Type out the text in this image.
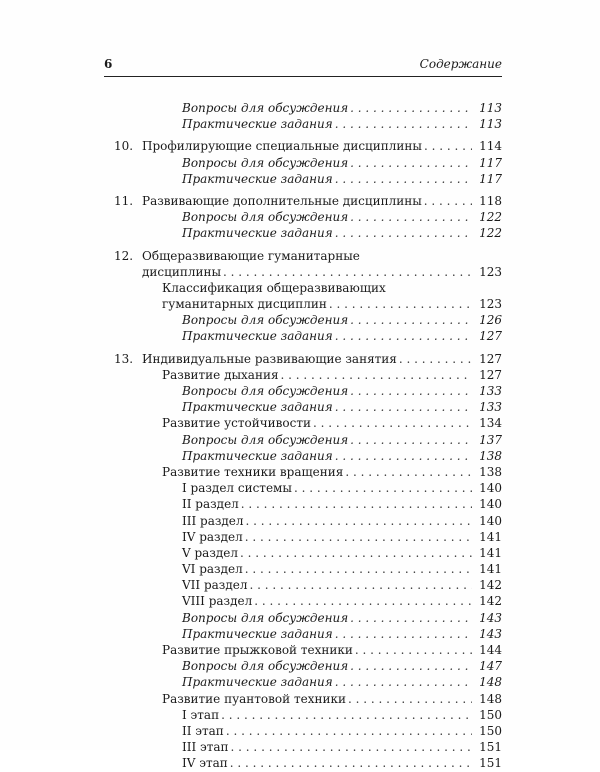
6	Содержание
Вопросы для обсуждения . . .	113
Практические задания . . .	113
10. Профилирующие специальные дисциплины . . .	114
Вопросы для обсуждения . . .	117
Практические задания . . .	117
11. Развивающие дополнительные дисциплины . . .	118
Вопросы для обсуждения . . .	122
Практические задания . . .	122
12. Общеразвивающие гуманитарные
дисциплины . . .	123
Классификация общеразвивающих
гуманитарных дисциплин . . .	123
Вопросы для обсуждения . . .	126
Практические задания . . .	127
13. Индивидуальные развивающие занятия . . .	127
Развитие дыхания . . .	127
Вопросы для обсуждения . . .	133
Практические задания . . .	133
Развитие устойчивости . . .	134
Вопросы для обсуждения . . .	137
Практические задания . . .	138
Развитие техники вращения . . .	138
I раздел системы . . .	140
II раздел . . .	140
III раздел . . .	140
IV раздел . . .	141
V раздел . . .	141
VI раздел . . .	141
VII раздел . . .	142
VIII раздел . . .	142
Вопросы для обсуждения . . .	143
Практические задания . . .	143
Развитие прыжковой техники . . .	144
Вопросы для обсуждения . . .	147
Практические задания . . .	148
Развитие пуантовой техники . . .	148
I этап . . .	150
II этап . . .	150
III этап . . .	151
IV этап . . .	151
